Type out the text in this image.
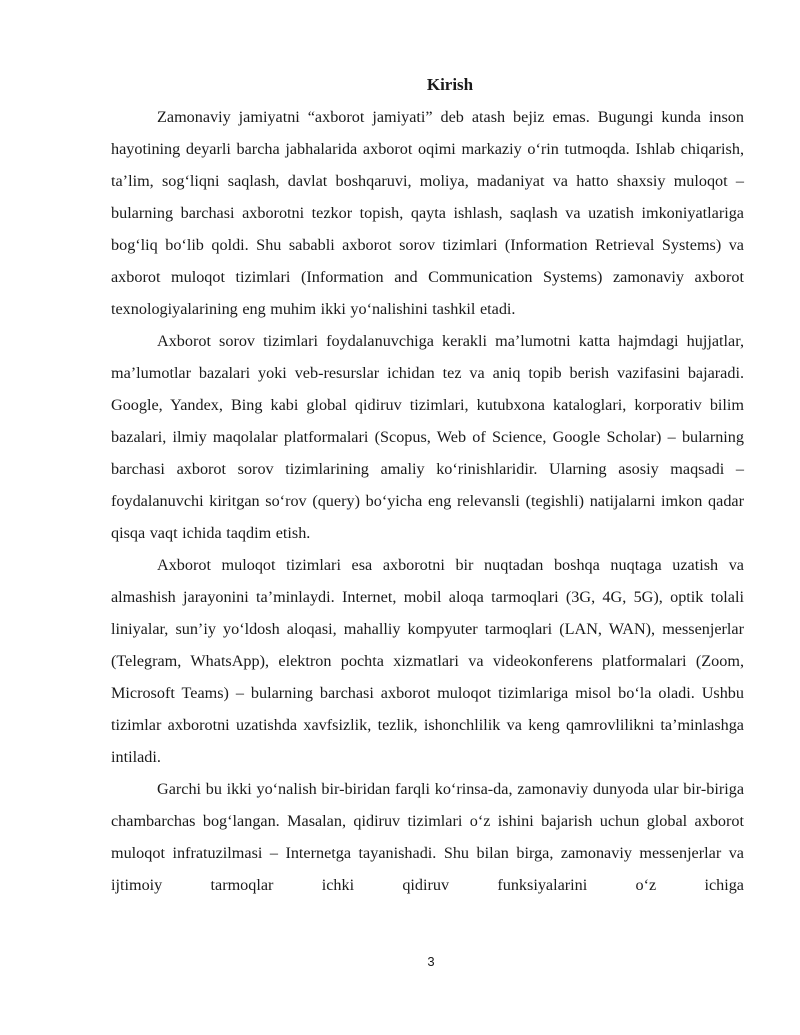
Kirish

Zamonaviy jamiyatni “axborot jamiyati” deb atash bejiz emas. Bugungi kunda inson hayotining deyarli barcha jabhalarida axborot oqimi markaziy o‘rin tutmoqda. Ishlab chiqarish, ta’lim, sog‘liqni saqlash, davlat boshqaruvi, moliya, madaniyat va hatto shaxsiy muloqot – bularning barchasi axborotni tezkor topish, qayta ishlash, saqlash va uzatish imkoniyatlariga bog‘liq bo‘lib qoldi. Shu sababli axborot sorov tizimlari (Information Retrieval Systems) va axborot muloqot tizimlari (Information and Communication Systems) zamonaviy axborot texnologiyalarining eng muhim ikki yo‘nalishini tashkil etadi.

Axborot sorov tizimlari foydalanuvchiga kerakli ma’lumotni katta hajmdagi hujjatlar, ma’lumotlar bazalari yoki veb-resurslar ichidan tez va aniq topib berish vazifasini bajaradi. Google, Yandex, Bing kabi global qidiruv tizimlari, kutubxona kataloglari, korporativ bilim bazalari, ilmiy maqolalar platformalari (Scopus, Web of Science, Google Scholar) – bularning barchasi axborot sorov tizimlarining amaliy ko‘rinishlaridir. Ularning asosiy maqsadi – foydalanuvchi kiritgan so‘rov (query) bo‘yicha eng relevansli (tegishli) natijalarni imkon qadar qisqa vaqt ichida taqdim etish.

Axborot muloqot tizimlari esa axborotni bir nuqtadan boshqa nuqtaga uzatish va almashish jarayonini ta’minlaydi. Internet, mobil aloqa tarmoqlari (3G, 4G, 5G), optik tolali liniyalar, sun’iy yo‘ldosh aloqasi, mahalliy kompyuter tarmoqlari (LAN, WAN), messenjerlar (Telegram, WhatsApp), elektron pochta xizmatlari va videokonferens platformalari (Zoom, Microsoft Teams) – bularning barchasi axborot muloqot tizimlariga misol bo‘la oladi. Ushbu tizimlar axborotni uzatishda xavfsizlik, tezlik, ishonchlilik va keng qamrovlilikni ta’minlashga intiladi.

Garchi bu ikki yo‘nalish bir-biridan farqli ko‘rinsa-da, zamonaviy dunyoda ular bir-biriga chambarchas bog‘langan. Masalan, qidiruv tizimlari o‘z ishini bajarish uchun global axborot muloqot infratuzilmasi – Internetga tayanishadi. Shu bilan birga, zamonaviy messenjerlar va ijtimoiy tarmoqlar ichki qidiruv funksiyalarini o‘z ichiga

3
